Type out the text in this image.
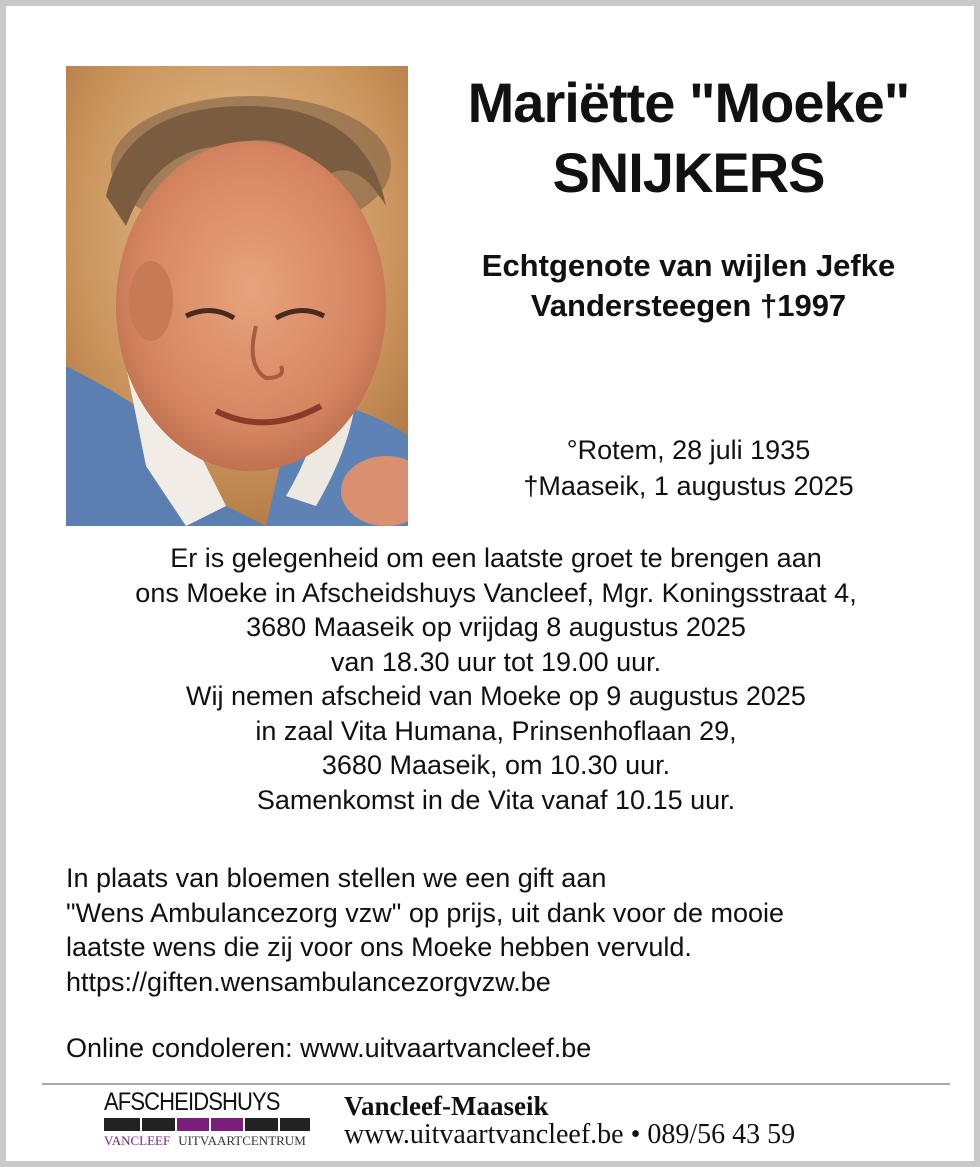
Mariëtte "Moeke"
SNIJKERS
Echtgenote van wijlen Jefke
Vandersteegen †1997
°Rotem, 28 juli 1935
†Maaseik, 1 augustus 2025
Er is gelegenheid om een laatste groet te brengen aan
ons Moeke in Afscheidshuys Vancleef, Mgr. Koningsstraat 4,
3680 Maaseik op vrijdag 8 augustus 2025
van 18.30 uur tot 19.00 uur.
Wij nemen afscheid van Moeke op 9 augustus 2025
in zaal Vita Humana, Prinsenhoflaan 29,
3680 Maaseik, om 10.30 uur.
Samenkomst in de Vita vanaf 10.15 uur.
In plaats van bloemen stellen we een gift aan
"Wens Ambulancezorg vzw" op prijs, uit dank voor de mooie
laatste wens die zij voor ons Moeke hebben vervuld.
https://giften.wensambulancezorgvzw.be
Online condoleren: www.uitvaartvancleef.be
AFSCHEIDSHUYS
VANCLEEF UITVAARTCENTRUM
Vancleef-Maaseik
www.uitvaartvancleef.be • 089/56 43 59
